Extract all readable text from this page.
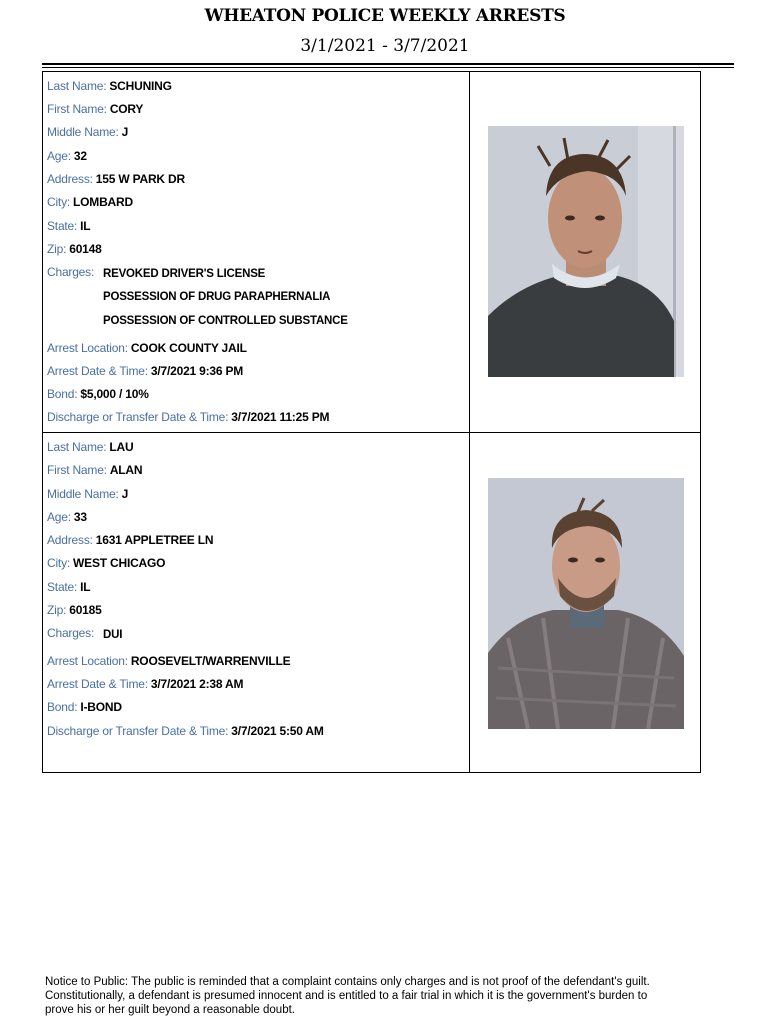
WHEATON POLICE WEEKLY ARRESTS
3/1/2021 - 3/7/2021
Last Name: SCHUNING
First Name: CORY
Middle Name: J
Age: 32
Address: 155 W PARK DR
City: LOMBARD
State: IL
Zip: 60148
Charges: REVOKED DRIVER'S LICENSE
POSSESSION OF DRUG PARAPHERNALIA
POSSESSION OF CONTROLLED SUBSTANCE
Arrest Location: COOK COUNTY JAIL
Arrest Date & Time: 3/7/2021 9:36 PM
Bond: $5,000 / 10%
Discharge or Transfer Date & Time: 3/7/2021 11:25 PM
Last Name: LAU
First Name: ALAN
Middle Name: J
Age: 33
Address: 1631 APPLETREE LN
City: WEST CHICAGO
State: IL
Zip: 60185
Charges: DUI
Arrest Location: ROOSEVELT/WARRENVILLE
Arrest Date & Time: 3/7/2021 2:38 AM
Bond: I-BOND
Discharge or Transfer Date & Time: 3/7/2021 5:50 AM
Notice to Public: The public is reminded that a complaint contains only charges and is not proof of the defendant's guilt. Constitutionally, a defendant is presumed innocent and is entitled to a fair trial in which it is the government's burden to prove his or her guilt beyond a reasonable doubt.
